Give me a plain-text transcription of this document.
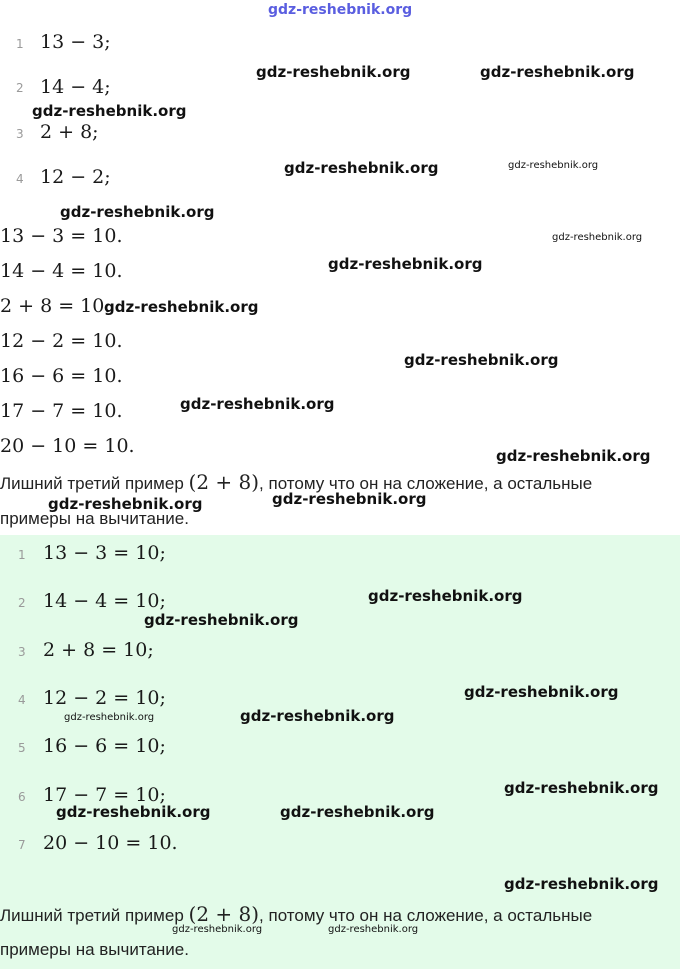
gdz-reshebnik.org
1 13 − 3;
2 14 − 4;
3 2 + 8;
4 12 − 2;
13 − 3 = 10.
14 − 4 = 10.
2 + 8 = 10.
12 − 2 = 10.
16 − 6 = 10.
17 − 7 = 10.
20 − 10 = 10.
Лишний третий пример (2 + 8), потому что он на сложение, а остальные
примеры на вычитание.
1 13 − 3 = 10;
2 14 − 4 = 10;
3 2 + 8 = 10;
4 12 − 2 = 10;
5 16 − 6 = 10;
6 17 − 7 = 10;
7 20 − 10 = 10.
Лишний третий пример (2 + 8), потому что он на сложение, а остальные
примеры на вычитание.
gdz-reshebnik.org	gdz-reshebnik.org
gdz-reshebnik.org
gdz-reshebnik.org	gdz-reshebnik.org
gdz-reshebnik.org
gdz-reshebnik.org
gdz-reshebnik.org
gdz-reshebnik.org
gdz-reshebnik.org
gdz-reshebnik.org
gdz-reshebnik.org
gdz-reshebnik.org
gdz-reshebnik.org
gdz-reshebnik.org
gdz-reshebnik.org
gdz-reshebnik.org
gdz-reshebnik.org
gdz-reshebnik.org
gdz-reshebnik.org
gdz-reshebnik.org	gdz-reshebnik.org
gdz-reshebnik.org
gdz-reshebnik.org	gdz-reshebnik.org
